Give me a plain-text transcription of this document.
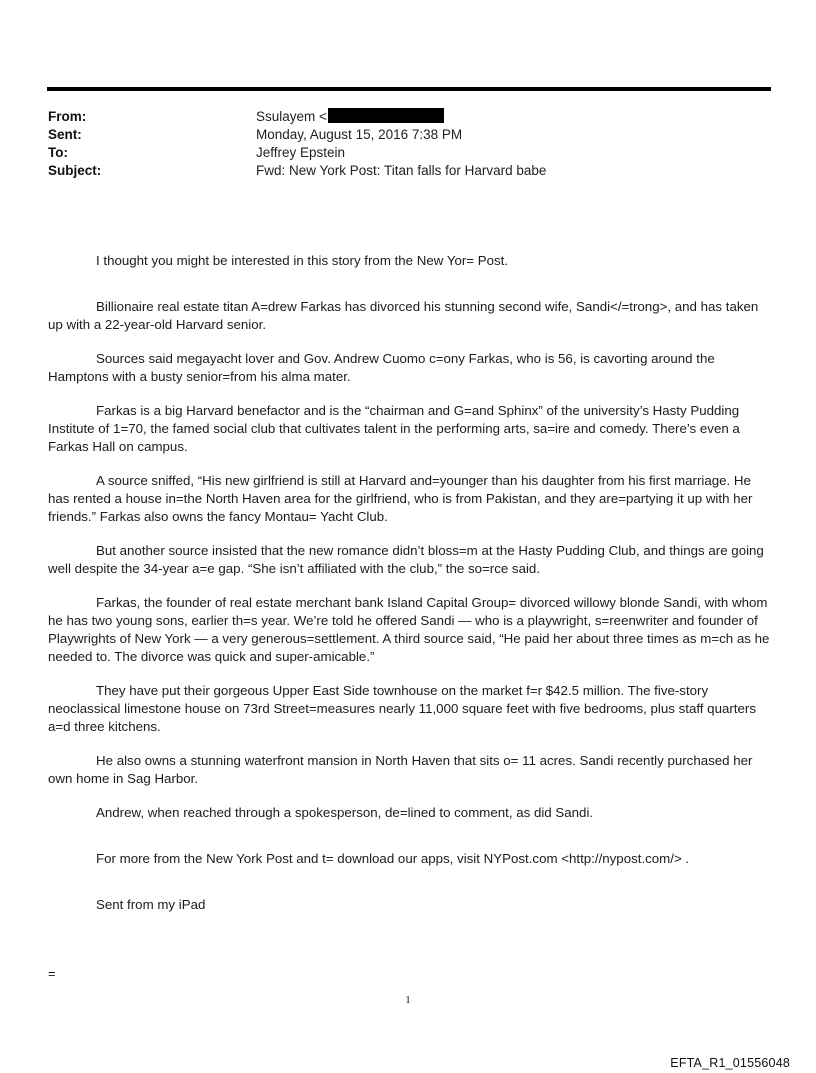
From:	Ssulayem <
Sent:	Monday, August 15, 2016 7:38 PM
To:	Jeffrey Epstein
Subject:	Fwd: New York Post: Titan falls for Harvard babe

I thought you might be interested in this story from the New Yor= Post.

Billionaire real estate titan A=drew Farkas has divorced his stunning second wife, Sandi</=trong>, and has taken up with a 22-year-old Harvard senior.

Sources said megayacht lover and Gov. Andrew Cuomo c=ony Farkas, who is 56, is cavorting around the Hamptons with a busty senior=from his alma mater.

Farkas is a big Harvard benefactor and is the “chairman and G=and Sphinx” of the university’s Hasty Pudding Institute of 1=70, the famed social club that cultivates talent in the performing arts, sa=ire and comedy. There’s even a Farkas Hall on campus.

A source sniffed, “His new girlfriend is still at Harvard and=younger than his daughter from his first marriage. He has rented a house in=the North Haven area for the girlfriend, who is from Pakistan, and they are=partying it up with her friends.” Farkas also owns the fancy Montau= Yacht Club.

But another source insisted that the new romance didn’t bloss=m at the Hasty Pudding Club, and things are going well despite the 34-year a=e gap. “She isn’t affiliated with the club,” the so=rce said.

Farkas, the founder of real estate merchant bank Island Capital Group= divorced willowy blonde Sandi, with whom he has two young sons, earlier th=s year. We’re told he offered Sandi — who is a playwright, s=reenwriter and founder of Playwrights of New York — a very generous=settlement. A third source said, “He paid her about three times as m=ch as he needed to. The divorce was quick and super-amicable.”

They have put their gorgeous Upper East Side townhouse on the market f=r $42.5 million. The five-story neoclassical limestone house on 73rd Street=measures nearly 11,000 square feet with five bedrooms, plus staff quarters a=d three kitchens.

He also owns a stunning waterfront mansion in North Haven that sits o= 11 acres. Sandi recently purchased her own home in Sag Harbor.

Andrew, when reached through a spokesperson, de=lined to comment, as did Sandi.

For more from the New York Post and t= download our apps, visit NYPost.com <http://nypost.com/> .

Sent from my iPad

=
1
EFTA_R1_01556048
